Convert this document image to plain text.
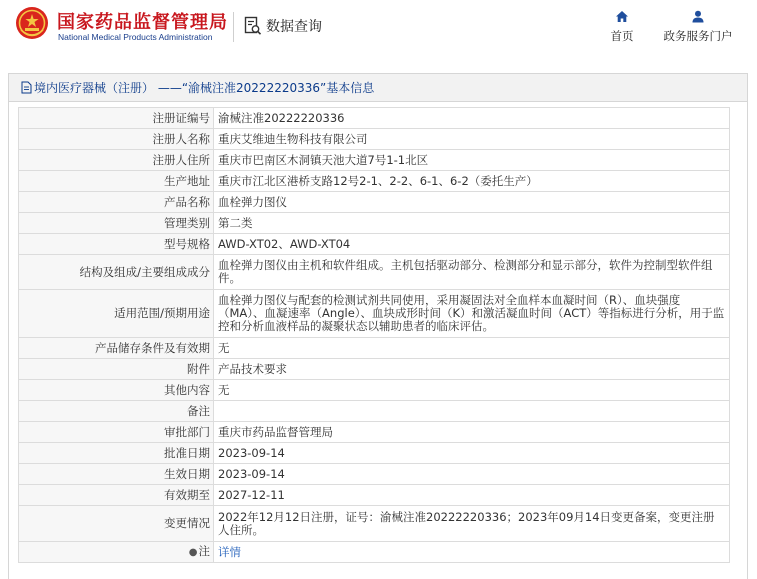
国家药品监督管理局
National Medical Products Administration
数据查询
首页	政务服务门户
境内医疗器械（注册） ——“渝械注准20222220336”基本信息
注册证编号	渝械注准20222220336
注册人名称	重庆艾维迪生物科技有限公司
注册人住所	重庆市巴南区木洞镇天池大道7号1-1北区
生产地址	重庆市江北区港桥支路12号2-1、2-2、6-1、6-2（委托生产）
产品名称	血栓弹力图仪
管理类别	第二类
型号规格	AWD-XT02、AWD-XT04
结构及组成/主要组成成分	血栓弹力图仪由主机和软件组成。主机包括驱动部分、检测部分和显示部分，软件为控制型软件组件。
适用范围/预期用途	血栓弹力图仪与配套的检测试剂共同使用，采用凝固法对全血样本血凝时间（R）、血块强度（MA）、血凝速率（Angle）、血块成形时间（K）和激活凝血时间（ACT）等指标进行分析，用于监控和分析血液样品的凝聚状态以辅助患者的临床评估。
产品储存条件及有效期	无
附件	产品技术要求
其他内容	无
备注	
审批部门	重庆市药品监督管理局
批准日期	2023-09-14
生效日期	2023-09-14
有效期至	2027-12-11
变更情况	2022年12月12日注册，证号：渝械注准20222220336；2023年09月14日变更备案，变更注册人住所。
●注	详情
